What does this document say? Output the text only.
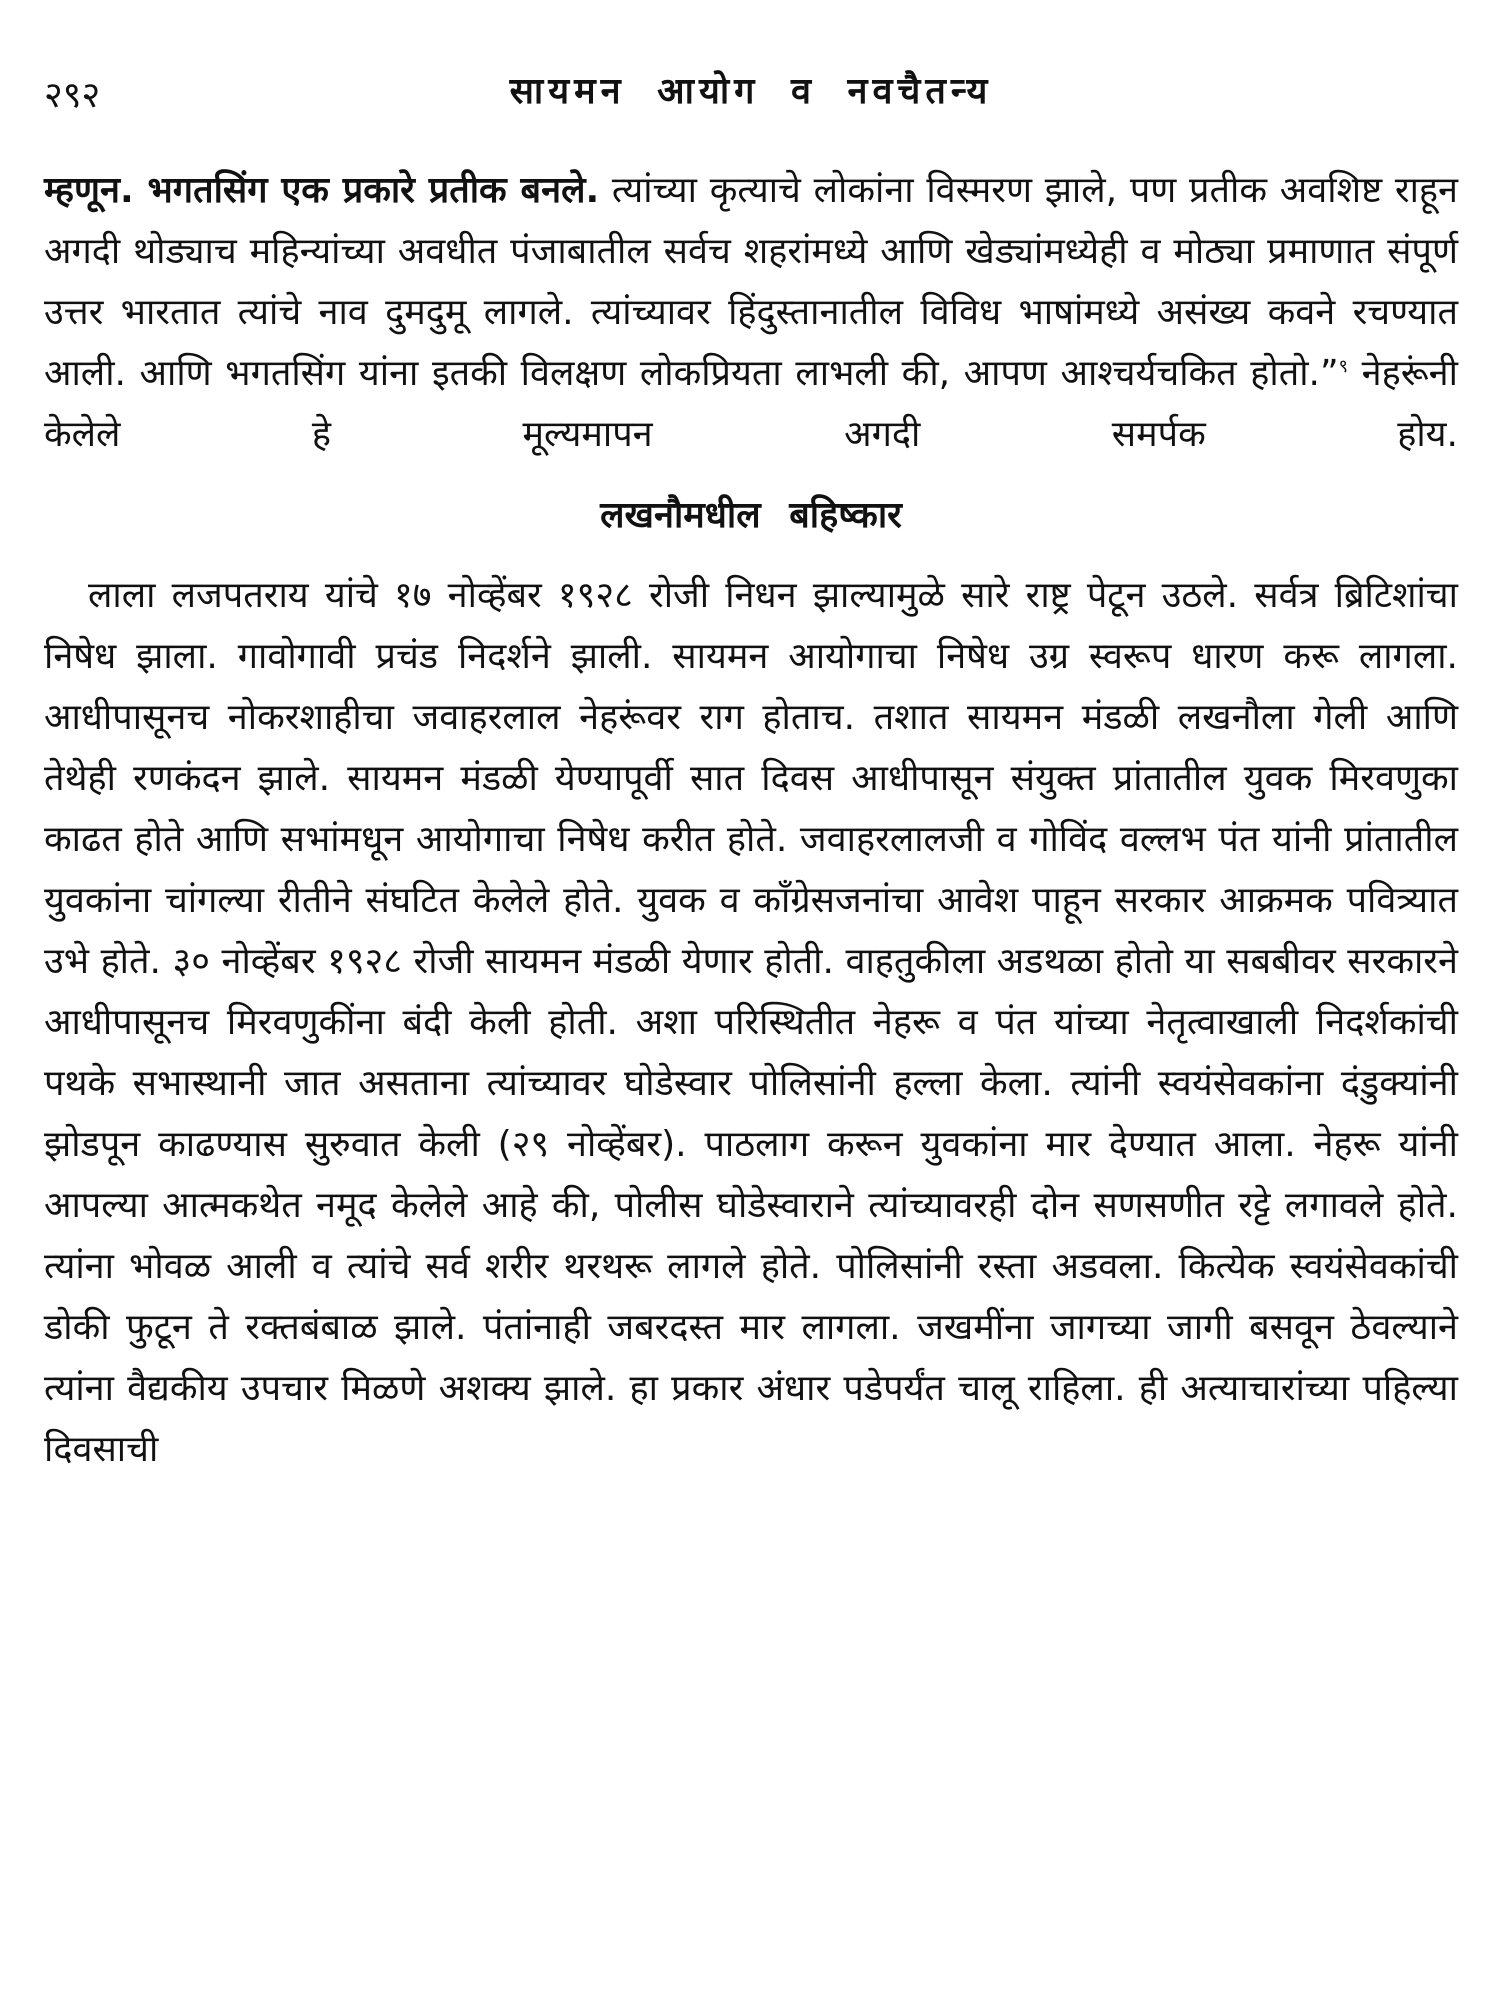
२९२	सायमन आयोग व नवचैतन्य

म्हणून. भगतसिंग एक प्रकारे प्रतीक बनले. त्यांच्या कृत्याचे लोकांना विस्मरण झाले, पण प्रतीक अवशिष्ट राहून अगदी थोड्याच महिन्यांच्या अवधीत पंजाबातील सर्वच शहरांमध्ये आणि खेड्यांमध्येही व मोठ्या प्रमाणात संपूर्ण उत्तर भारतात त्यांचे नाव दुमदुमू लागले. त्यांच्यावर हिंदुस्तानातील विविध भाषांमध्ये असंख्य कवने रचण्यात आली. आणि भगतसिंग यांना इतकी विलक्षण लोकप्रियता लाभली की, आपण आश्चर्यचकित होतो.”$^९$ नेहरूंनी केलेले हे मूल्यमापन अगदी समर्पक होय.

लखनौमधील बहिष्कार

लाला लजपतराय यांचे १७ नोव्हेंबर १९२८ रोजी निधन झाल्यामुळे सारे राष्ट्र पेटून उठले. सर्वत्र ब्रिटिशांचा निषेध झाला. गावोगावी प्रचंड निदर्शने झाली. सायमन आयोगाचा निषेध उग्र स्वरूप धारण करू लागला. आधीपासूनच नोकरशाहीचा जवाहरलाल नेहरूंवर राग होताच. तशात सायमन मंडळी लखनौला गेली आणि तेथेही रणकंदन झाले. सायमन मंडळी येण्यापूर्वी सात दिवस आधीपासून संयुक्त प्रांतातील युवक मिरवणुका काढत होते आणि सभांमधून आयोगाचा निषेध करीत होते. जवाहरलालजी व गोविंद वल्लभ पंत यांनी प्रांतातील युवकांना चांगल्या रीतीने संघटित केलेले होते. युवक व काँग्रेसजनांचा आवेश पाहून सरकार आक्रमक पवित्र्यात उभे होते. ३० नोव्हेंबर १९२८ रोजी सायमन मंडळी येणार होती. वाहतुकीला अडथळा होतो या सबबीवर सरकारने आधीपासूनच मिरवणुकींना बंदी केली होती. अशा परिस्थितीत नेहरू व पंत यांच्या नेतृत्वाखाली निदर्शकांची पथके सभास्थानी जात असताना त्यांच्यावर घोडेस्वार पोलिसांनी हल्ला केला. त्यांनी स्वयंसेवकांना दंडुक्यांनी झोडपून काढण्यास सुरुवात केली (२९ नोव्हेंबर). पाठलाग करून युवकांना मार देण्यात आला. नेहरू यांनी आपल्या आत्मकथेत नमूद केलेले आहे की, पोलीस घोडेस्वाराने त्यांच्यावरही दोन सणसणीत रट्टे लगावले होते. त्यांना भोवळ आली व त्यांचे सर्व शरीर थरथरू लागले होते. पोलिसांनी रस्ता अडवला. कित्येक स्वयंसेवकांची डोकी फुटून ते रक्तबंबाळ झाले. पंतांनाही जबरदस्त मार लागला. जखमींना जागच्या जागी बसवून ठेवल्याने त्यांना वैद्यकीय उपचार मिळणे अशक्य झाले. हा प्रकार अंधार पडेपर्यंत चालू राहिला. ही अत्याचारांच्या पहिल्या दिवसाची
